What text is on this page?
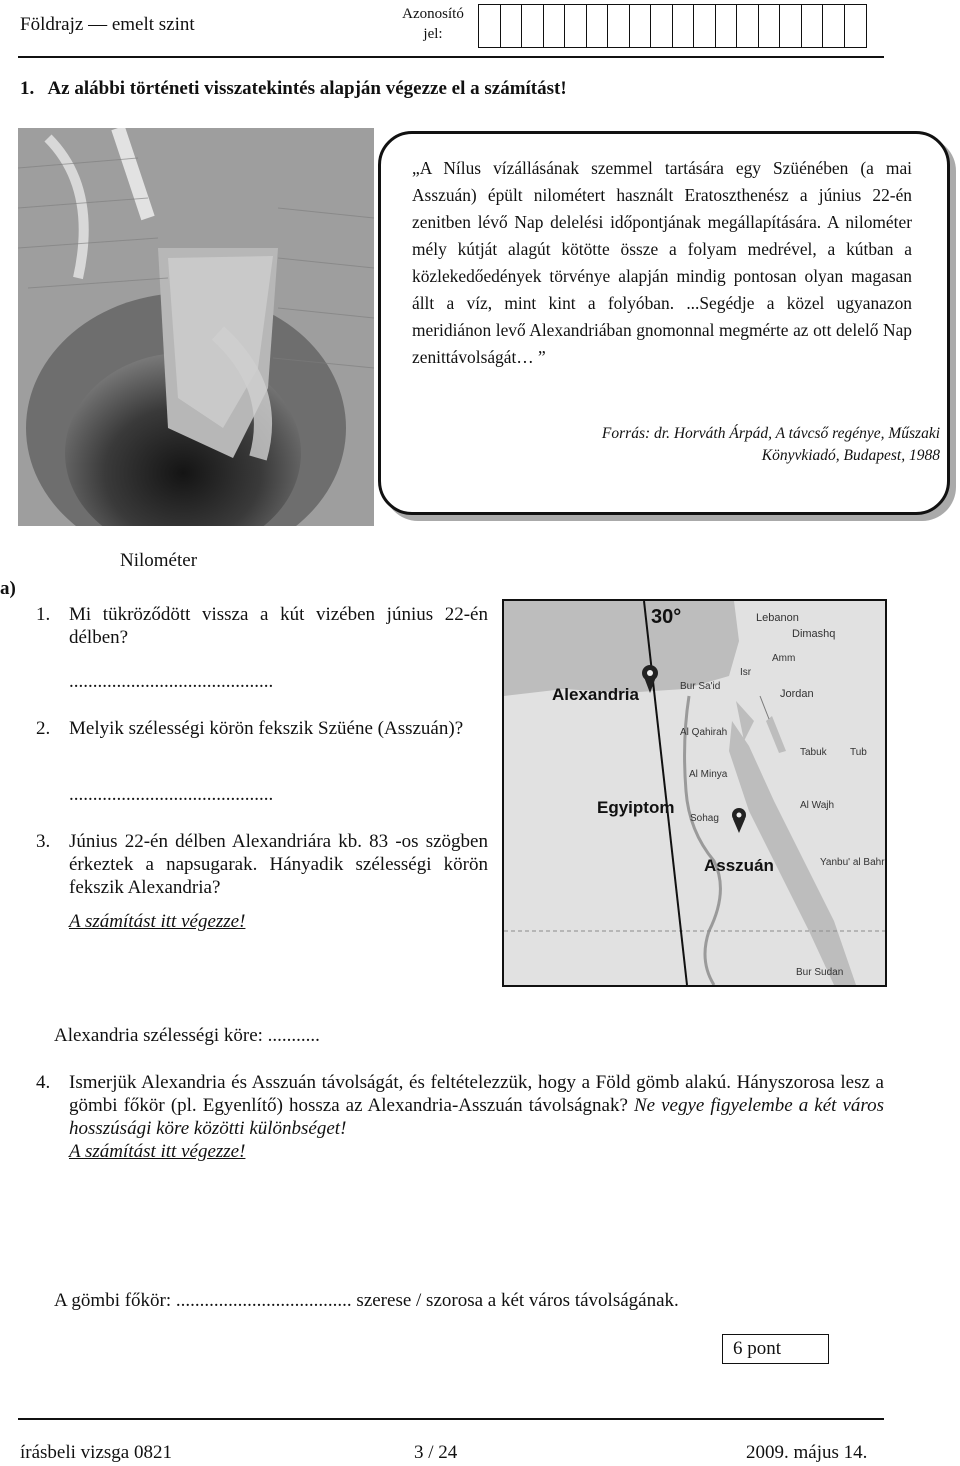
Földrajz — emelt szint	Azonosító
jel:
1.   Az alábbi történeti visszatekintés alapján végezze el a számítást!
„A Nílus vízállásának szemmel tartására egy Szüénében (a mai Asszuán) épült nilométert használt Eratoszthenész a június 22-én zenitben lévő Nap delelési időpontjának megállapítására. A nilométer mély kútját alagút kötötte össze a folyam medrével, a kútban a közlekedőedények törvénye alapján mindig pontosan olyan magasan állt a víz, mint kint a folyóban. ...Segédje a közel ugyanazon meridiánon levő Alexandriában gnomonnal megmérte az ott delelő Nap zenittávolságát… ”
Forrás: dr. Horváth Árpád, A távcső regénye, Műszaki
Könyvkiadó, Budapest, 1988
Nilométer
a)
1. Mi tükröződött vissza a kút vizében június 22-én délben?
...........................................
2. Melyik szélességi körön fekszik Szüéne (Asszuán)?
...........................................
3. Június 22-én délben Alexandriára kb. 83 -os szögben érkeztek a napsugarak. Hányadik szélességi körön fekszik Alexandria?
A számítást itt végezze!
30°
Alexandria
Egyiptom
Asszuán
Lebanon
Dimashq
Bur Sa'id
Al Qahirah
Al Minya
Jordan
Tabuk
Al Wajh
Yanbu' al Bahr
Sohag
Bur Sudan
Isr
Amm
Tub
Alexandria szélességi köre: ...........
4. Ismerjük Alexandria és Asszuán távolságát, és feltételezzük, hogy a Föld gömb alakú. Hányszorosa lesz a gömbi főkör (pl. Egyenlítő) hossza az Alexandria-Asszuán távolságnak? Ne vegye figyelembe a két város hosszúsági köre közötti különbséget!
A számítást itt végezze!
A gömbi főkör: ..................................... szerese / szorosa a két város távolságának.
6 pont
írásbeli vizsga 0821	3 / 24	2009. május 14.
